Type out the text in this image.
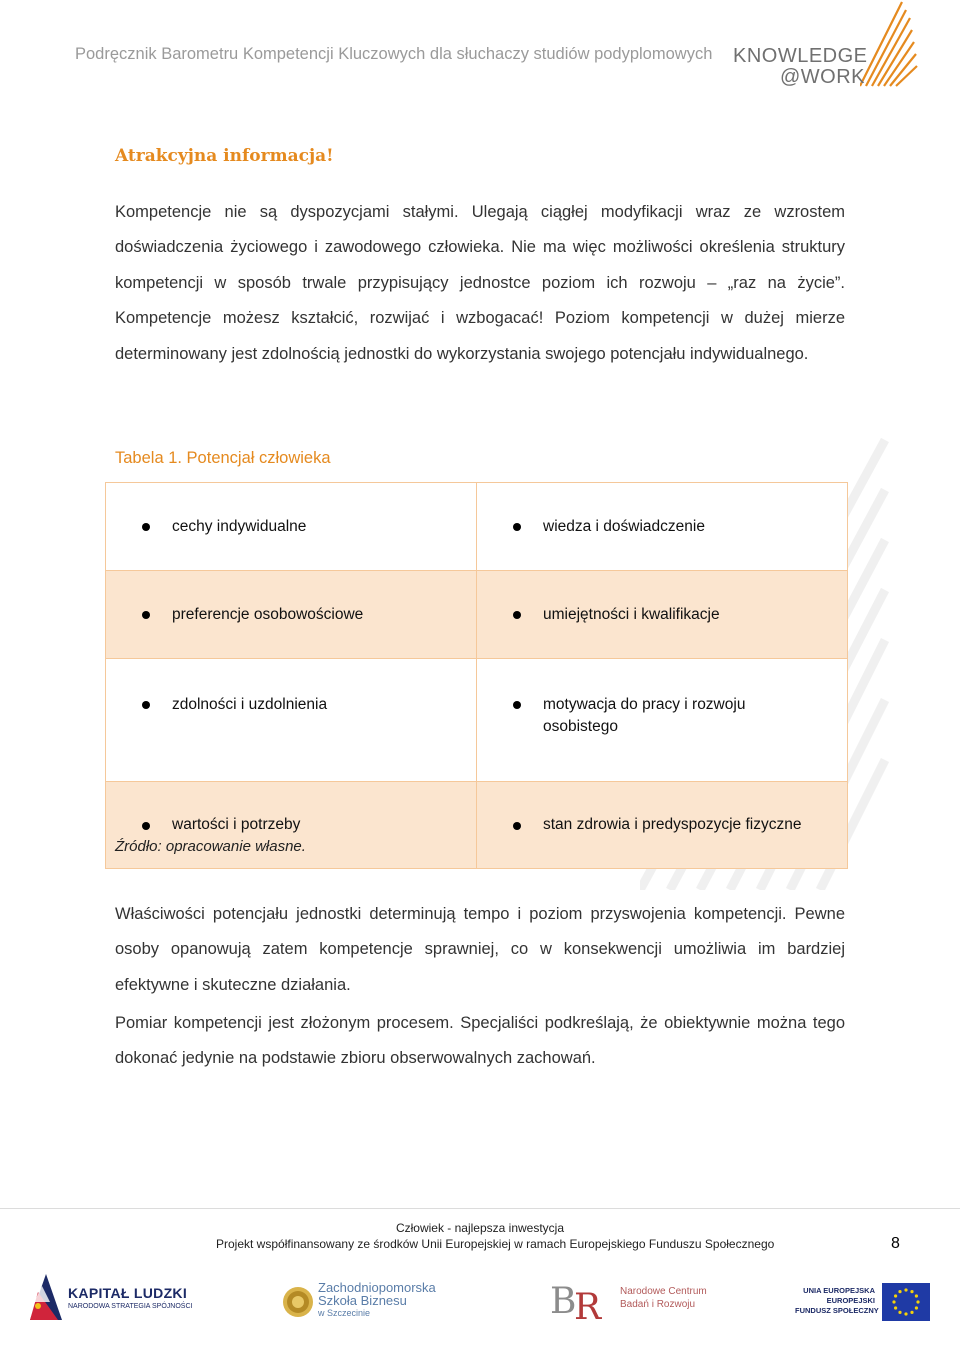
Podręcznik Barometru Kompetencji Kluczowych dla słuchaczy studiów podyplomowych KNOWLEDGE
@WORK
Atrakcyjna informacja!
Kompetencje nie są dyspozycjami stałymi. Ulegają ciągłej modyfikacji wraz ze wzrostem doświadczenia życiowego i zawodowego człowieka. Nie ma więc możliwości określenia struktury kompetencji w sposób trwale przypisujący jednostce poziom ich rozwoju – „raz na życie”. Kompetencje możesz kształcić, rozwijać i wzbogacać! Poziom kompetencji w dużej mierze determinowany jest zdolnością jednostki do wykorzystania swojego potencjału indywidualnego.
Tabela 1. Potencjał człowieka
cechy indywidualne	wiedza i doświadczenie

preferencje osobowościowe	umiejętności i kwalifikacje

zdolności i uzdolnienia	motywacja do pracy i rozwoju osobistego

wartości i potrzeby	stan zdrowia i predyspozycje fizyczne
Źródło: opracowanie własne.
Właściwości potencjału jednostki determinują tempo i poziom przyswojenia kompetencji. Pewne osoby opanowują zatem kompetencje sprawniej, co w konsekwencji umożliwia im bardziej efektywne i skuteczne działania.
Pomiar kompetencji jest złożonym procesem. Specjaliści podkreślają, że obiektywnie można tego dokonać jedynie na podstawie zbioru obserwowalnych zachowań.
Człowiek - najlepsza inwestycja
Projekt współfinansowany ze środków Unii Europejskiej w ramach Europejskiego Funduszu Społecznego	8
KAPITAŁ LUDZKI
NARODOWA STRATEGIA SPÓJNOŚCI
Zachodniopomorska
Szkoła Biznesu
w Szczecinie	B
R Narodowe Centrum
Badań i Rozwoju
UNIA EUROPEJSKA
EUROPEJSKI
FUNDUSZ SPOŁECZNY
